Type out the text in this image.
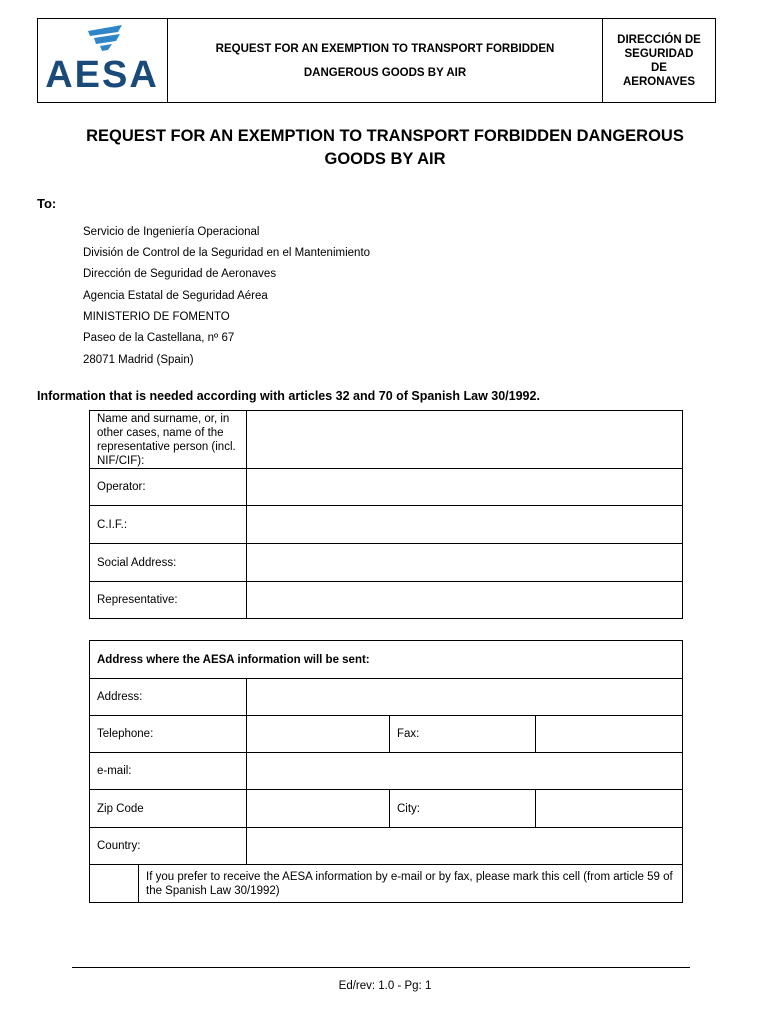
AESA
REQUEST FOR AN EXEMPTION TO TRANSPORT FORBIDDEN
DANGEROUS GOODS BY AIR
DIRECCIÓN DE
SEGURIDAD
DE
AERONAVES
REQUEST FOR AN EXEMPTION TO TRANSPORT FORBIDDEN DANGEROUS
GOODS BY AIR
To:
Servicio de Ingeniería Operacional
División de Control de la Seguridad en el Mantenimiento
Dirección de Seguridad de Aeronaves
Agencia Estatal de Seguridad Aérea
MINISTERIO DE FOMENTO
Paseo de la Castellana, nº 67
28071 Madrid (Spain)
Information that is needed according with articles 32 and 70 of Spanish Law 30/1992.
Name and surname, or, in other cases, name of the representative person (incl. NIF/CIF):	

Operator:	
C.I.F.:	
Social Address:	
Representative:	
Address where the AESA information will be sent:				
Address:				
Telephone:			Fax:	
e-mail:				
Zip Code			City:	
Country:				

	If you prefer to receive the AESA information by e-mail or by fax, please mark this cell (from article 59 of the Spanish Law 30/1992)			
Ed/rev: 1.0 - Pg: 1
